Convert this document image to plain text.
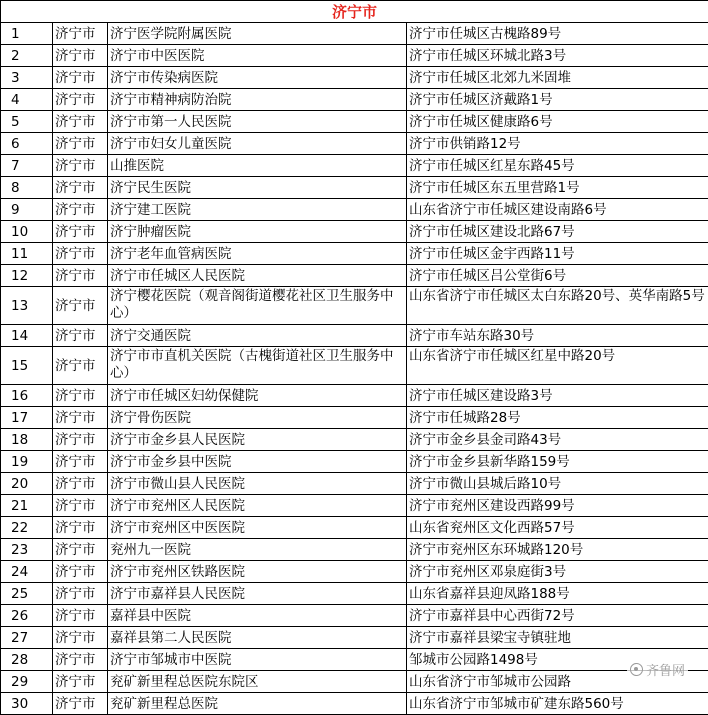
济宁市			
1	济宁市	济宁医学院附属医院	济宁市任城区古槐路89号
2	济宁市	济宁市中医医院	济宁市任城区环城北路3号
3	济宁市	济宁市传染病医院	济宁市任城区北郊九米固堆
4	济宁市	济宁市精神病防治院	济宁市任城区济戴路1号
5	济宁市	济宁市第一人民医院	济宁市任城区健康路6号
6	济宁市	济宁市妇女儿童医院	济宁市供销路12号
7	济宁市	山推医院	济宁市任城区红星东路45号
8	济宁市	济宁民生医院	济宁市任城区东五里营路1号
9	济宁市	济宁建工医院	山东省济宁市任城区建设南路6号
10	济宁市	济宁肿瘤医院	济宁市任城区建设北路67号
11	济宁市	济宁老年血管病医院	济宁市任城区金宇西路11号
12	济宁市	济宁市任城区人民医院	济宁市任城区吕公堂街6号
13	济宁市	济宁樱花医院（观音阁街道樱花社区卫生服务中心）	山东省济宁市任城区太白东路20号、英华南路5号
14	济宁市	济宁交通医院	济宁市车站东路30号
15	济宁市	济宁市市直机关医院（古槐街道社区卫生服务中心）	山东省济宁市任城区红星中路20号
16	济宁市	济宁市任城区妇幼保健院	济宁市任城区建设路3号
17	济宁市	济宁骨伤医院	济宁市任城路28号
18	济宁市	济宁市金乡县人民医院	济宁市金乡县金司路43号
19	济宁市	济宁市金乡县中医院	济宁市金乡县新华路159号
20	济宁市	济宁市微山县人民医院	济宁市微山县城后路10号
21	济宁市	济宁市兖州区人民医院	济宁市兖州区建设西路99号
22	济宁市	济宁市兖州区中医医院	山东省兖州区文化西路57号
23	济宁市	兖州九一医院	济宁市兖州区东环城路120号
24	济宁市	济宁市兖州区铁路医院	济宁市兖州区邓泉庭街3号
25	济宁市	济宁市嘉祥县人民医院	山东省嘉祥县迎凤路188号
26	济宁市	嘉祥县中医院	济宁市嘉祥县中心西街72号
27	济宁市	嘉祥县第二人民医院	济宁市嘉祥县梁宝寺镇驻地
28	济宁市	济宁市邹城市中医院	邹城市公园路1498号
29	济宁市	兖矿新里程总医院东院区	山东省济宁市邹城市公园路
30	济宁市	兖矿新里程总医院	山东省济宁市邹城市矿建东路560号
齐鲁网
